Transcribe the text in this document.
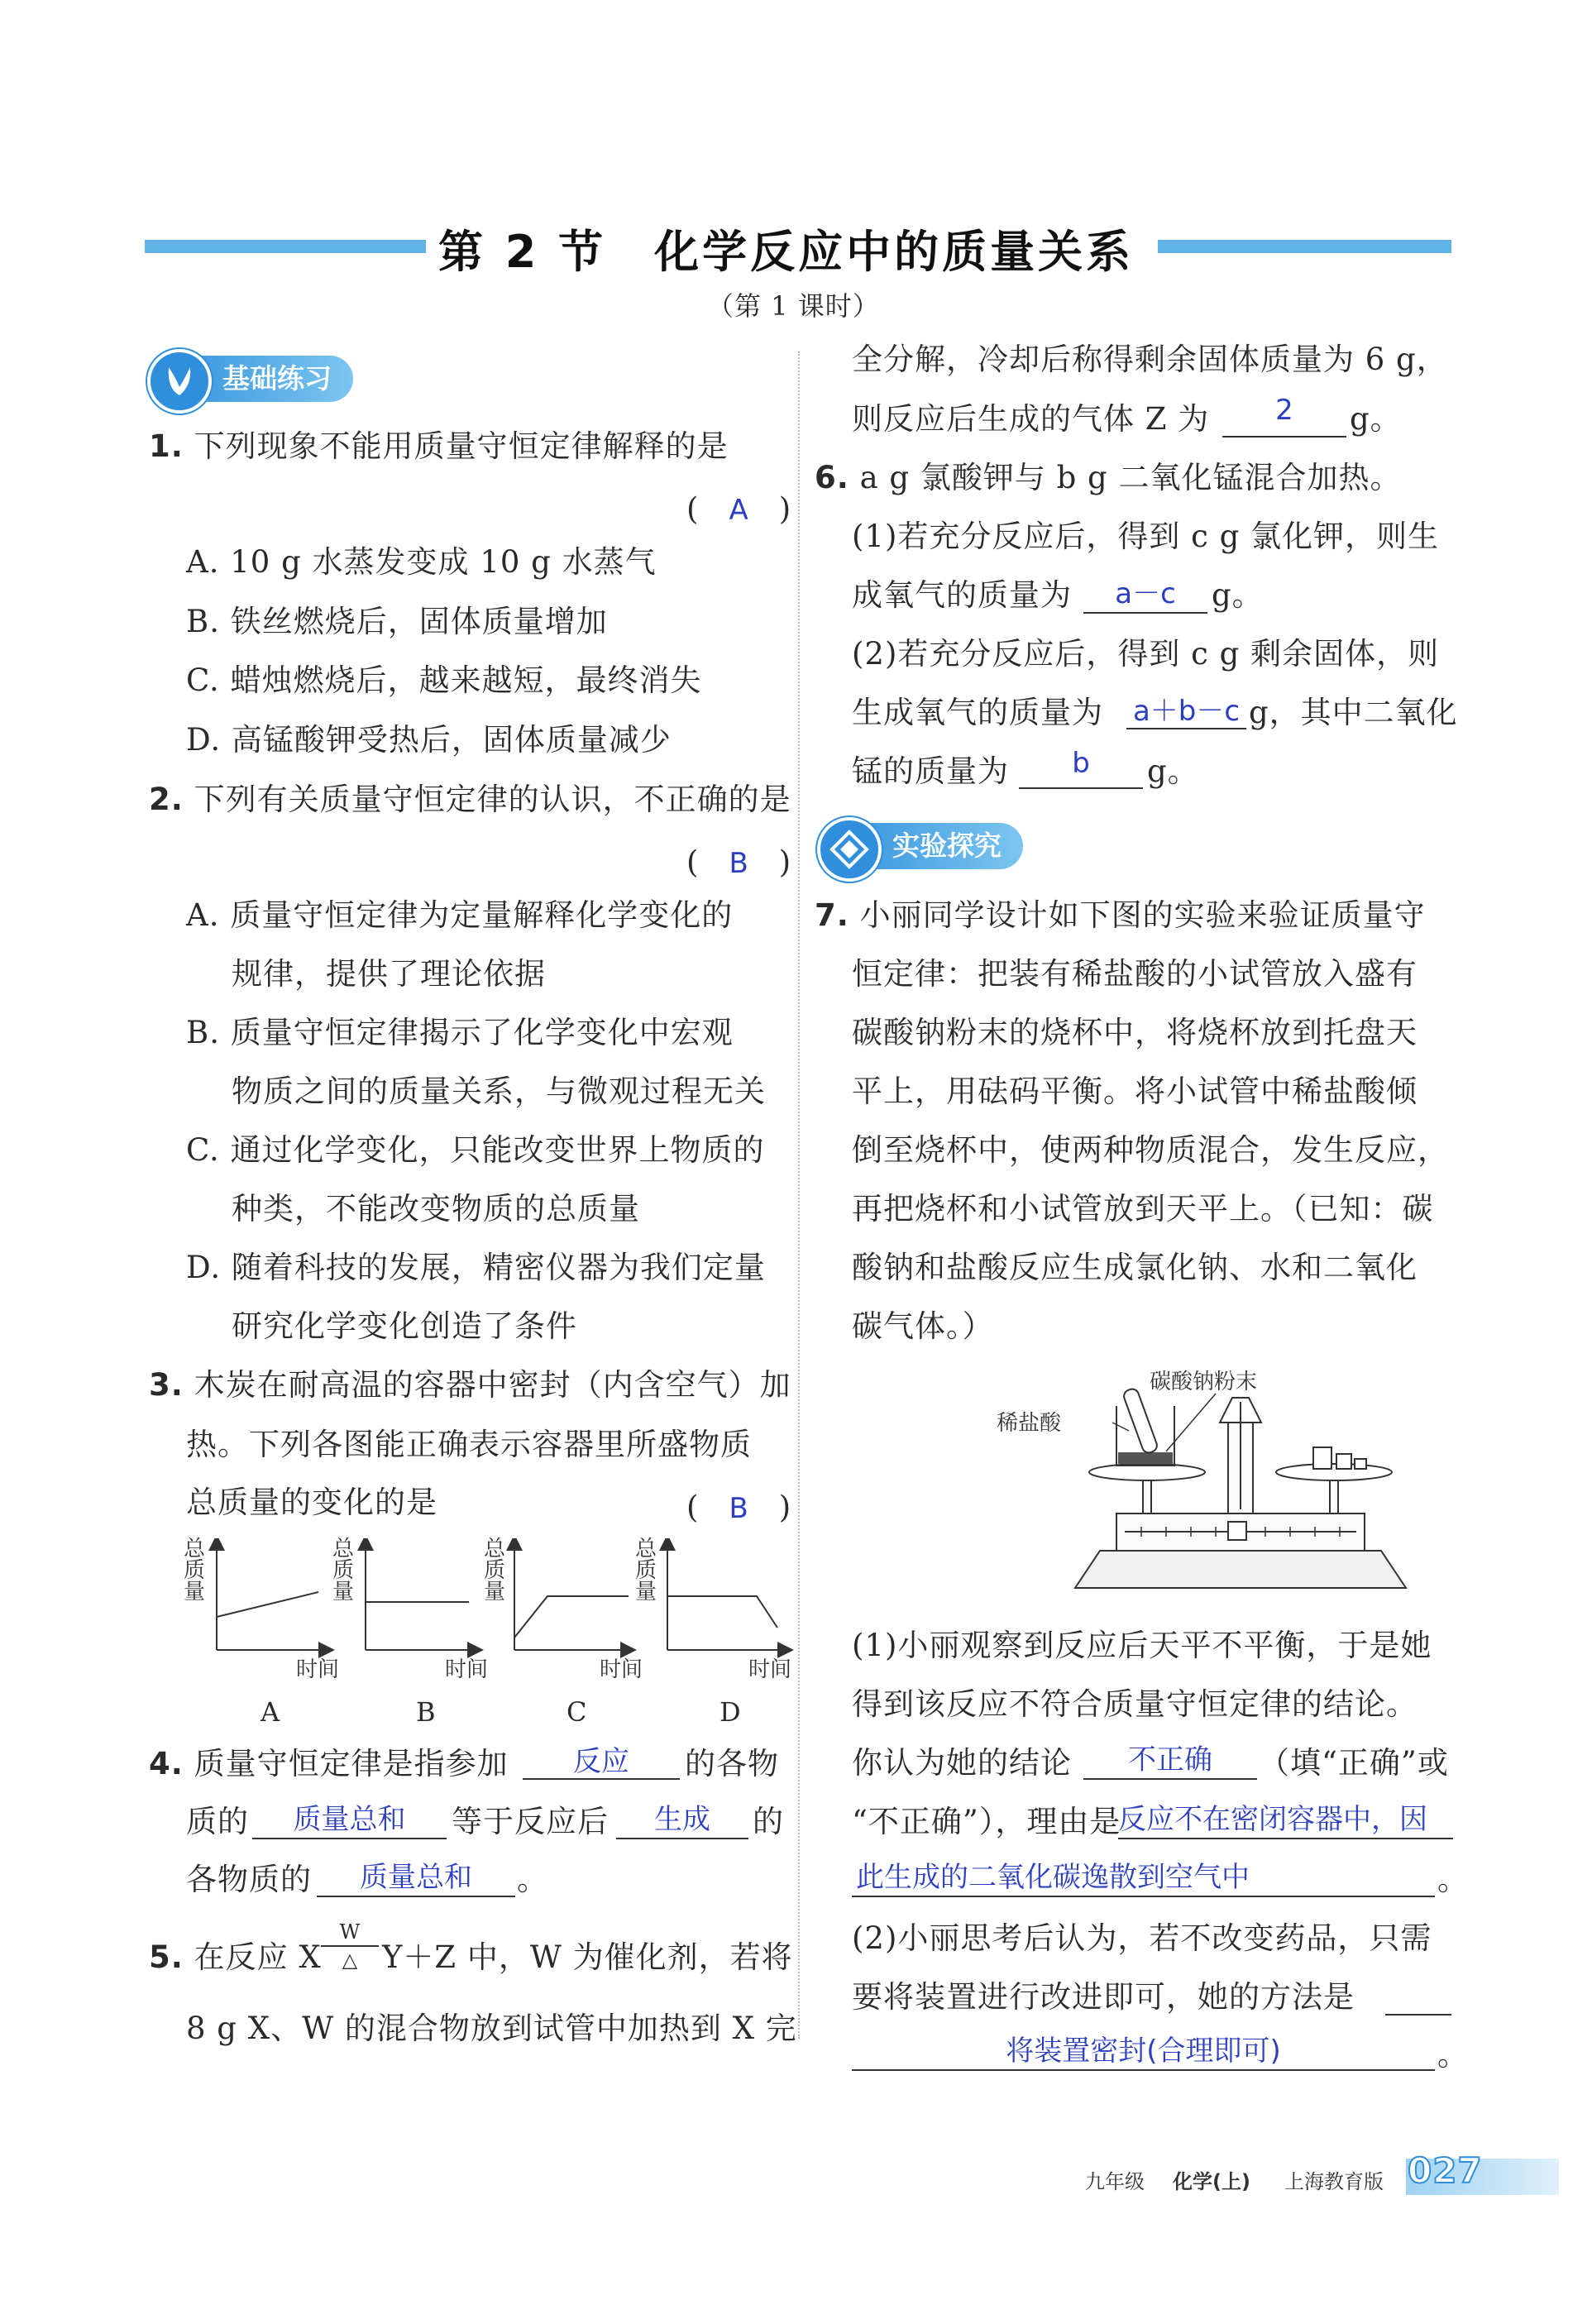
第 2 节　化学反应中的质量关系
（第 1 课时）
基础练习
1. 下列现象不能用质量守恒定律解释的是
(　A　)
A. 10 g 水蒸发变成 10 g 水蒸气
B. 铁丝燃烧后，固体质量增加
C. 蜡烛燃烧后，越来越短，最终消失
D. 高锰酸钾受热后，固体质量减少
2. 下列有关质量守恒定律的认识，不正确的是
(　B　)
A. 质量守恒定律为定量解释化学变化的
规律，提供了理论依据
B. 质量守恒定律揭示了化学变化中宏观
物质之间的质量关系，与微观过程无关
C. 通过化学变化，只能改变世界上物质的
种类，不能改变物质的总质量
D. 随着科技的发展，精密仪器为我们定量
研究化学变化创造了条件
3. 木炭在耐高温的容器中密封（内含空气）加
热。下列各图能正确表示容器里所盛物质
总质量的变化的是	(　B　)
总
质
量
总
质
量
总
质
量
总
质
量
时间	时间	时间	时间
A	B	C	D
4. 质量守恒定律是指参加	反应	的各物
质的	质量总和	等于反应后	生成	的
各物质的	质量总和	。
5. 在反应 X
W
△ Y＋Z 中，W 为催化剂，若将
8 g X、W 的混合物放到试管中加热到 X 完
全分解，冷却后称得剩余固体质量为 6 g，
则反应后生成的气体 Z 为	2	g。
6. a g 氯酸钾与 b g 二氧化锰混合加热。
(1)若充分反应后，得到 c g 氯化钾，则生
成氧气的质量为	a－c	g。
(2)若充分反应后，得到 c g 剩余固体，则
生成氧气的质量为 a＋b－c g，其中二氧化
锰的质量为	b	g。
实验探究
7. 小丽同学设计如下图的实验来验证质量守
恒定律：把装有稀盐酸的小试管放入盛有
碳酸钠粉末的烧杯中，将烧杯放到托盘天
平上，用砝码平衡。将小试管中稀盐酸倾
倒至烧杯中，使两种物质混合，发生反应，
再把烧杯和小试管放到天平上。（已知：碳
酸钠和盐酸反应生成氯化钠、水和二氧化
碳气体。）
稀盐酸
碳酸钠粉末
(1)小丽观察到反应后天平不平衡，于是她
得到该反应不符合质量守恒定律的结论。
你认为她的结论	不正确	（填“正确”或
“不正确”），理由是
反应不在密闭容器中，因
此生成的二氧化碳逸散到空气中	。
(2)小丽思考后认为，若不改变药品，只需
要将装置进行改进即可，她的方法是
将装置密封(合理即可)	。
九年级 化学(上) 上海教育版 027
